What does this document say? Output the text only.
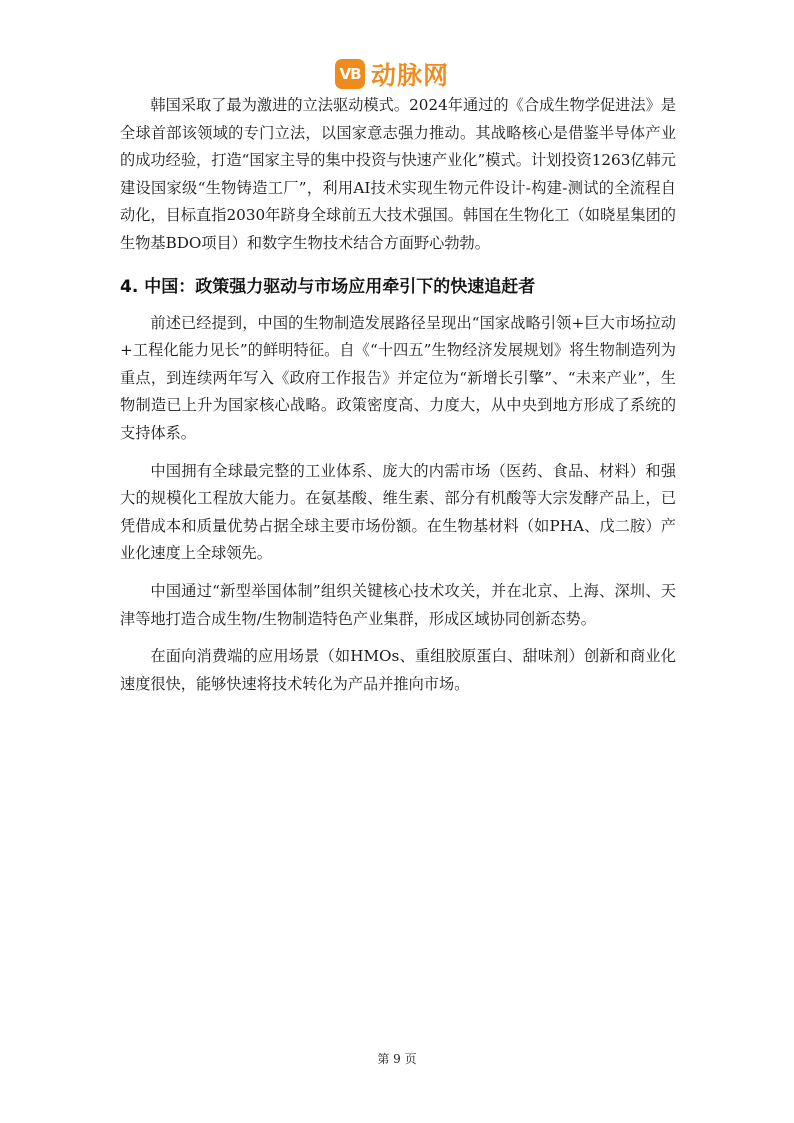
VB 动脉网

韩国采取了最为激进的立法驱动模式。2024年通过的《合成生物学促进法》是全球首部该领域的专门立法，以国家意志强力推动。其战略核心是借鉴半导体产业的成功经验，打造“国家主导的集中投资与快速产业化”模式。计划投资1263亿韩元建设国家级“生物铸造工厂”，利用AI技术实现生物元件设计-构建-测试的全流程自动化，目标直指2030年跻身全球前五大技术强国。韩国在生物化工（如晓星集团的生物基BDO项目）和数字生物技术结合方面野心勃勃。

4. 中国：政策强力驱动与市场应用牵引下的快速追赶者

前述已经提到，中国的生物制造发展路径呈现出“国家战略引领+巨大市场拉动+工程化能力见长”的鲜明特征。自《“十四五”生物经济发展规划》将生物制造列为重点，到连续两年写入《政府工作报告》并定位为“新增长引擎”、“未来产业”，生物制造已上升为国家核心战略。政策密度高、力度大，从中央到地方形成了系统的支持体系。

中国拥有全球最完整的工业体系、庞大的内需市场（医药、食品、材料）和强大的规模化工程放大能力。在氨基酸、维生素、部分有机酸等大宗发酵产品上，已凭借成本和质量优势占据全球主要市场份额。在生物基材料（如PHA、戊二胺）产业化速度上全球领先。

中国通过“新型举国体制”组织关键核心技术攻关，并在北京、上海、深圳、天津等地打造合成生物/生物制造特色产业集群，形成区域协同创新态势。

在面向消费端的应用场景（如HMOs、重组胶原蛋白、甜味剂）创新和商业化速度很快，能够快速将技术转化为产品并推向市场。

第 9 页
